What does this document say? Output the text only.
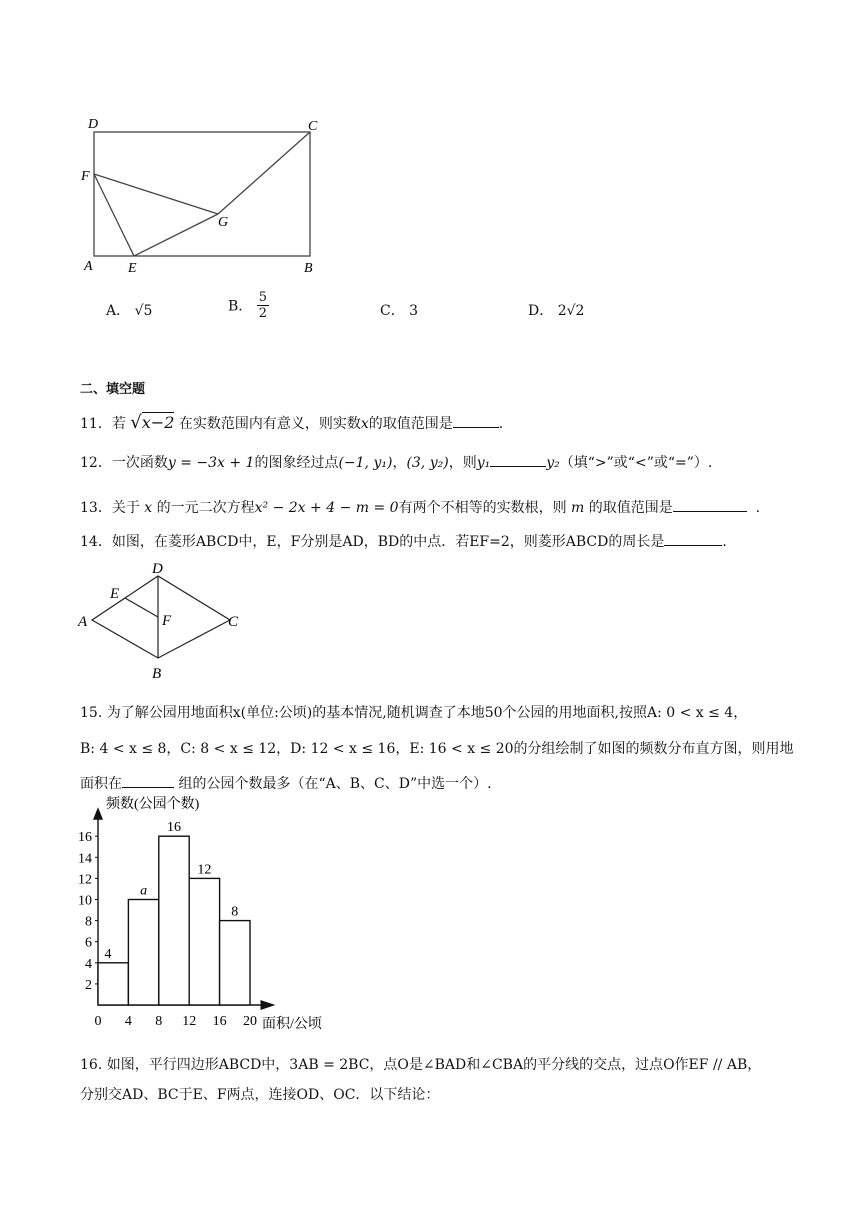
D	C
F
G
A	E	B
A． √5	B． $\frac{5}{2}$	C． 3	D． 2√2
二、填空题
11．若 √x−2 在实数范围内有意义，则实数x的取值范围是	.
12．一次函数y = −3x + 1的图象经过点(−1, y₁)，(3, y₂)，则y₁	y₂（填“>”或“<”或“=”）.
13．关于 x 的一元二次方程x² − 2x + 4 − m = 0有两个不相等的实数根，则 m 的取值范围是	.
14．如图，在菱形ABCD中，E，F分别是AD，BD的中点．若EF=2，则菱形ABCD的周长是	.
D
E
A	F	C
B
15. 为了解公园用地面积x(单位:公顷)的基本情况,随机调查了本地50个公园的用地面积,按照A: 0 < x ≤ 4，
B: 4 < x ≤ 8，C: 8 < x ≤ 12，D: 12 < x ≤ 16，E: 16 < x ≤ 20的分组绘制了如图的频数分布直方图，则用地
面积在	组的公园个数最多（在“A、B、C、D”中选一个）.
2
4
6
8
10
12
14
16
0 4 8 12 16 20
4
a
16
12
8
频数(公园个数)
面积/公顷
16. 如图，平行四边形ABCD中，3AB = 2BC，点O是∠BAD和∠CBA的平分线的交点，过点O作EF // AB，
分别交AD、BC于E、F两点，连接OD、OC．以下结论：
